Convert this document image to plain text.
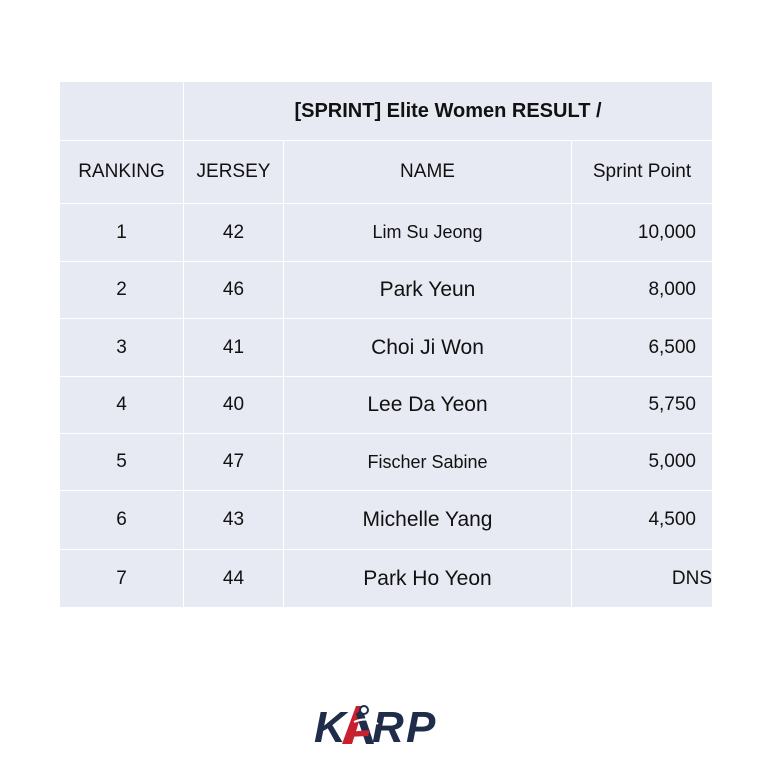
[SPRINT] Elite Women RESULT /
RANKING	JERSEY	NAME	Sprint Point
1	42	Lim Su Jeong	10,000
2	46	Park Yeun	8,000
3	41	Choi Ji Won	6,500
4	40	Lee Da Yeon	5,750
5	47	Fischer Sabine	5,000
6	43	Michelle Yang	4,500
7	44	Park Ho Yeon	DNS
K R P
